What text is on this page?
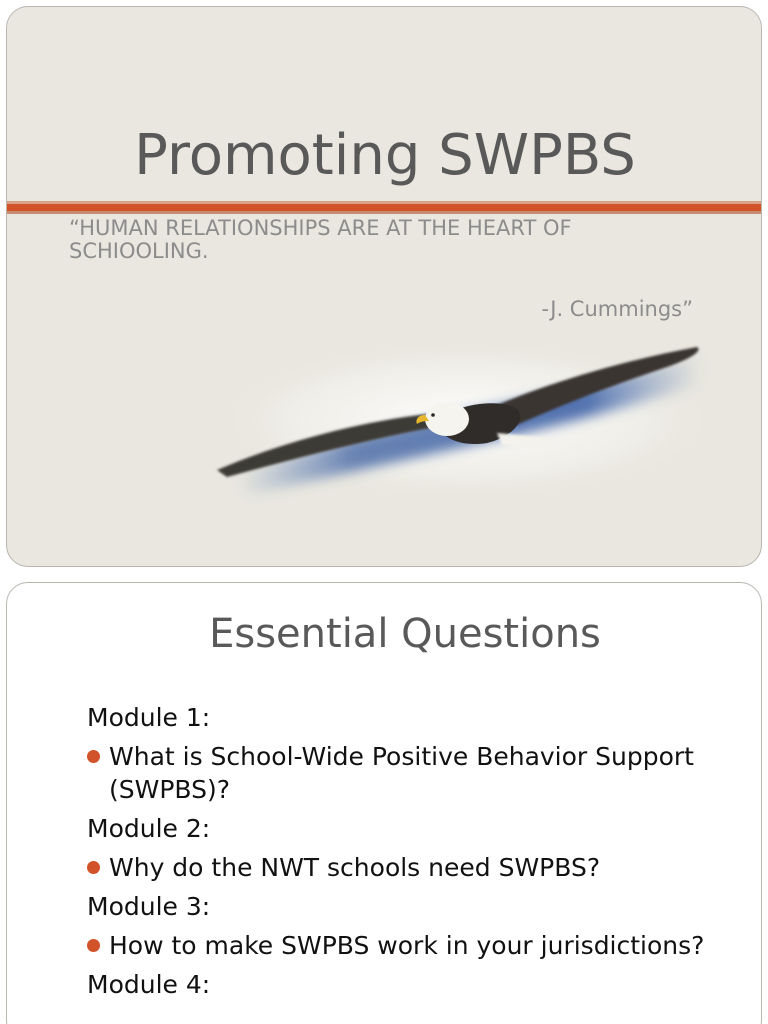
Promoting SWPBS
“HUMAN RELATIONSHIPS ARE AT THE HEART OF
SCHIOOLING.
-J. Cummings”
Essential Questions
Module 1:
What is School-Wide Positive Behavior Support (SWPBS)?
Module 2:
Why do the NWT schools need SWPBS?
Module 3:
How to make SWPBS work in your jurisdictions?
Module 4:
